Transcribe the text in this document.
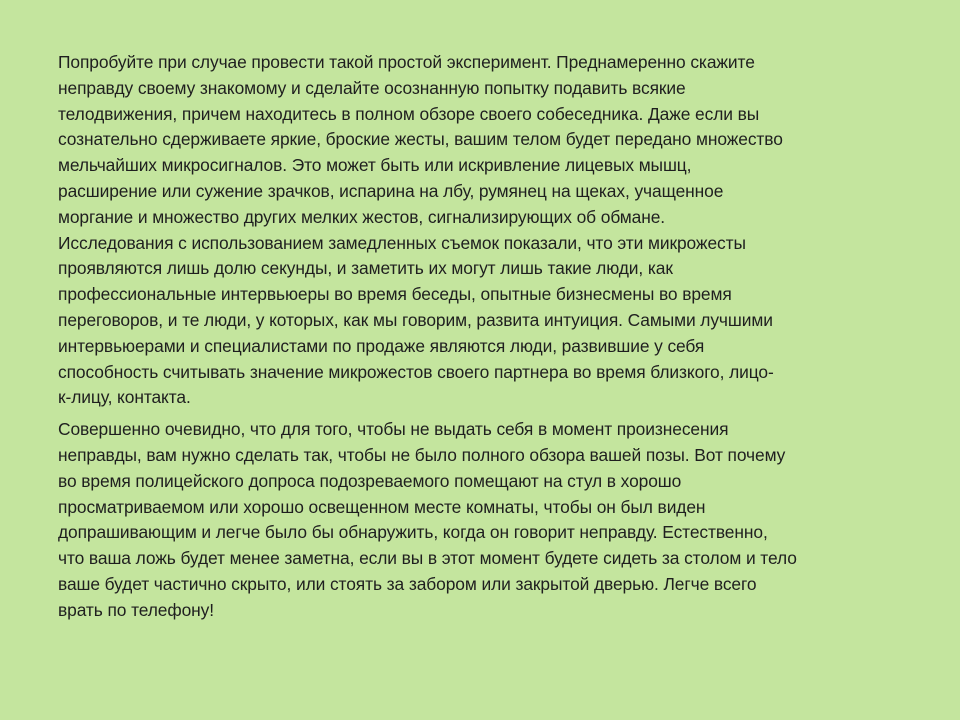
Попробуйте при случае провести такой простой эксперимент. Преднамеренно скажите
неправду своему знакомому и сделайте осознанную попытку подавить всякие
телодвижения, причем находитесь в полном обзоре своего собеседника. Даже если вы
сознательно сдерживаете яркие, броские жесты, вашим телом будет передано множество
мельчайших микросигналов. Это может быть или искривление лицевых мышц,
расширение или сужение зрачков, испарина на лбу, румянец на щеках, учащенное
моргание и множество других мелких жестов, сигнализирующих об обмане.
Исследования с использованием замедленных съемок показали, что эти микрожесты
проявляются лишь долю секунды, и заметить их могут лишь такие люди, как
профессиональные интервьюеры во время беседы, опытные бизнесмены во время
переговоров, и те люди, у которых, как мы говорим, развита интуиция. Самыми лучшими
интервьюерами и специалистами по продаже являются люди, развившие у себя
способность считывать значение микрожестов своего партнера во время близкого, лицо-
к-лицу, контакта.

Совершенно очевидно, что для того, чтобы не выдать себя в момент произнесения
неправды, вам нужно сделать так, чтобы не было полного обзора вашей позы. Вот почему
во время полицейского допроса подозреваемого помещают на стул в хорошо
просматриваемом или хорошо освещенном месте комнаты, чтобы он был виден
допрашивающим и легче было бы обнаружить, когда он говорит неправду. Естественно,
что ваша ложь будет менее заметна, если вы в этот момент будете сидеть за столом и тело
ваше будет частично скрыто, или стоять за забором или закрытой дверью. Легче всего
врать по телефону!
